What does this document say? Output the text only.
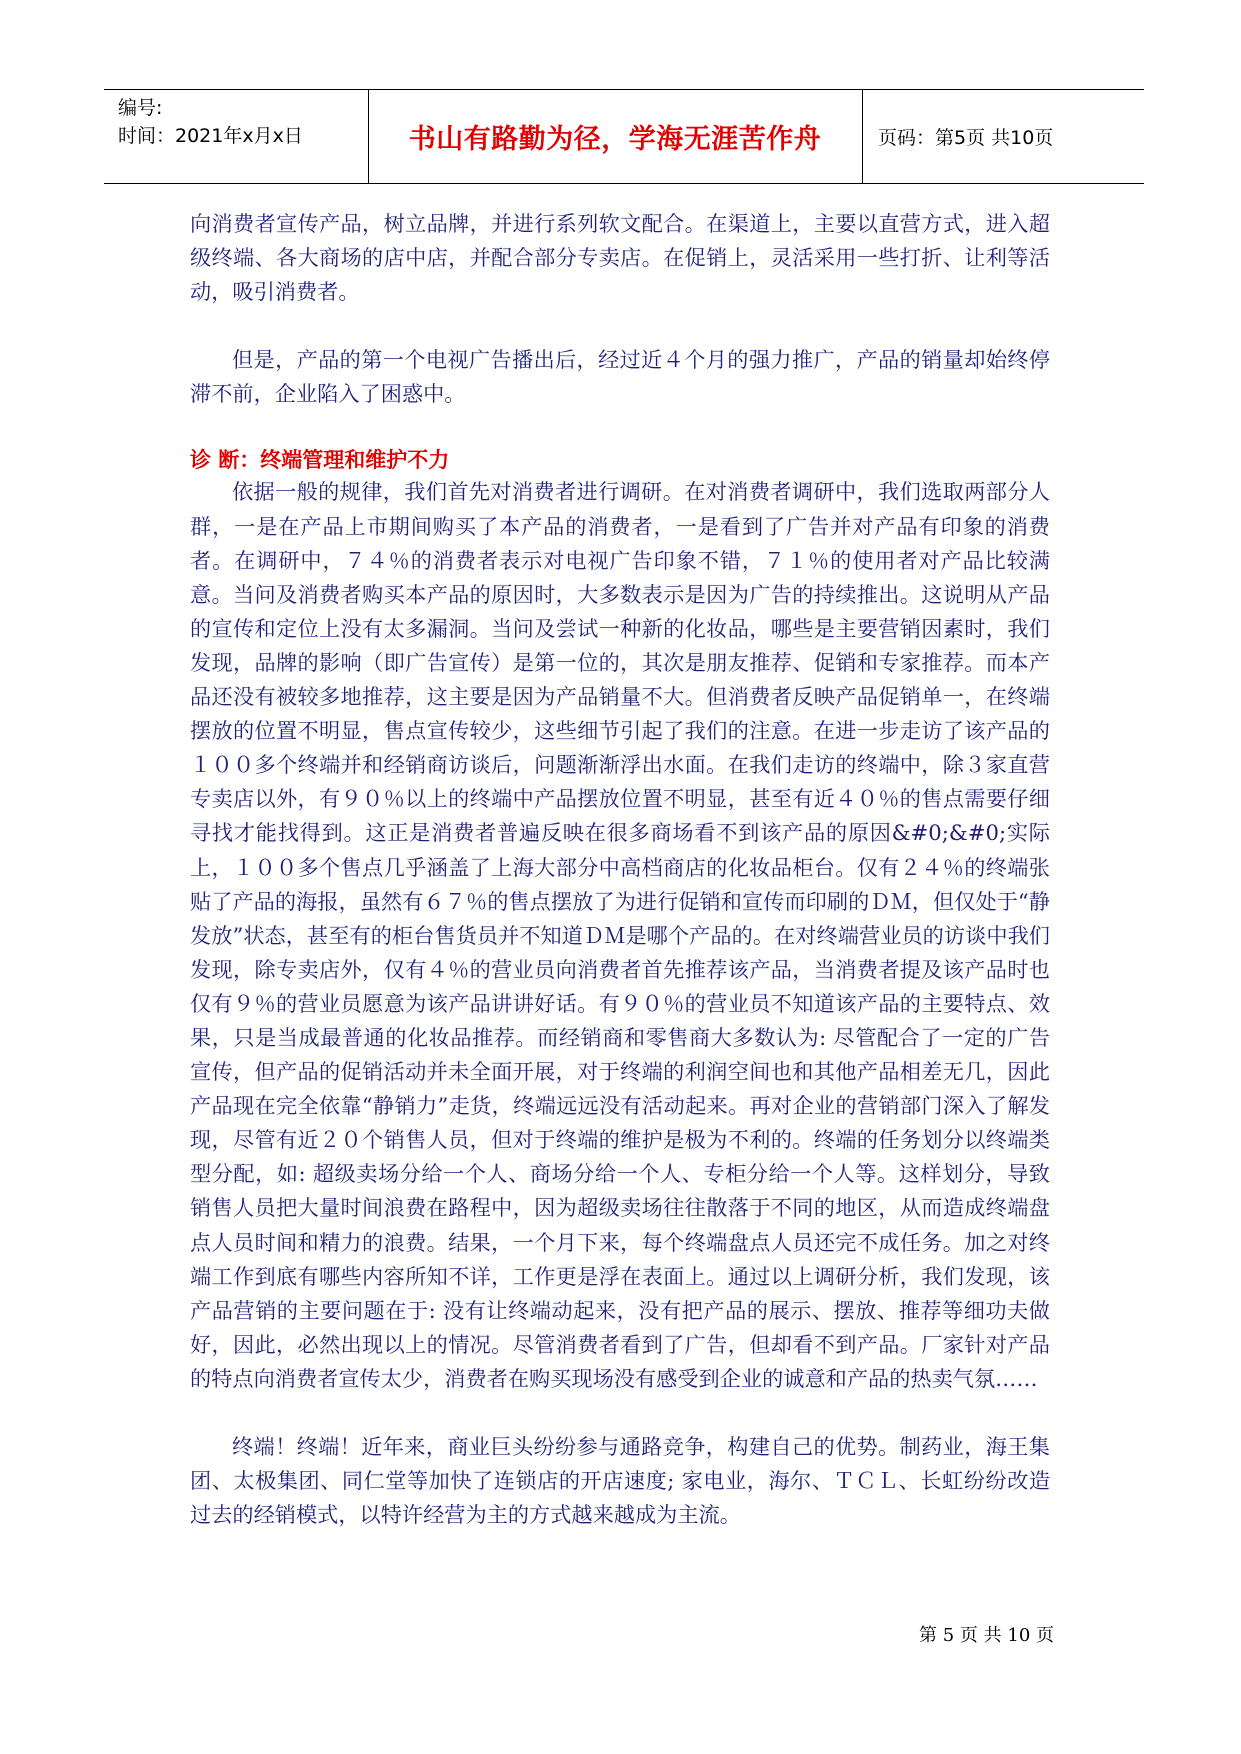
编号:
时间：2021年x月x日	书山有路勤为径，学海无涯苦作舟	页码：第5页 共10页

向消费者宣传产品，树立品牌，并进行系列软文配合。在渠道上，主要以直营方式，进入超级终端、各大商场的店中店，并配合部分专卖店。在促销上，灵活采用一些打折、让利等活动，吸引消费者。

但是，产品的第一个电视广告播出后，经过近４个月的强力推广，产品的销量却始终停滞不前，企业陷入了困惑中。

诊 断：终端管理和维护不力

依据一般的规律，我们首先对消费者进行调研。在对消费者调研中，我们选取两部分人群，一是在产品上市期间购买了本产品的消费者，一是看到了广告并对产品有印象的消费者。在调研中，７４％的消费者表示对电视广告印象不错，７１％的使用者对产品比较满意。当问及消费者购买本产品的原因时，大多数表示是因为广告的持续推出。这说明从产品的宣传和定位上没有太多漏洞。当问及尝试一种新的化妆品，哪些是主要营销因素时，我们发现，品牌的影响（即广告宣传）是第一位的，其次是朋友推荐、促销和专家推荐。而本产品还没有被较多地推荐，这主要是因为产品销量不大。但消费者反映产品促销单一，在终端摆放的位置不明显，售点宣传较少，这些细节引起了我们的注意。在进一步走访了该产品的１００多个终端并和经销商访谈后，问题渐渐浮出水面。在我们走访的终端中，除３家直营专卖店以外，有９０％以上的终端中产品摆放位置不明显，甚至有近４０％的售点需要仔细寻找才能找得到。这正是消费者普遍反映在很多商场看不到该产品的原因&#0;&#0;实际上，１００多个售点几乎涵盖了上海大部分中高档商店的化妆品柜台。仅有２４％的终端张贴了产品的海报，虽然有６７％的售点摆放了为进行促销和宣传而印刷的ＤＭ，但仅处于“静发放”状态，甚至有的柜台售货员并不知道ＤＭ是哪个产品的。在对终端营业员的访谈中我们发现，除专卖店外，仅有４％的营业员向消费者首先推荐该产品，当消费者提及该产品时也仅有９％的营业员愿意为该产品讲讲好话。有９０％的营业员不知道该产品的主要特点、效果，只是当成最普通的化妆品推荐。而经销商和零售商大多数认为: 尽管配合了一定的广告宣传，但产品的促销活动并未全面开展，对于终端的利润空间也和其他产品相差无几，因此产品现在完全依靠“静销力”走货，终端远远没有活动起来。再对企业的营销部门深入了解发现，尽管有近２０个销售人员，但对于终端的维护是极为不利的。终端的任务划分以终端类型分配，如: 超级卖场分给一个人、商场分给一个人、专柜分给一个人等。这样划分，导致销售人员把大量时间浪费在路程中，因为超级卖场往往散落于不同的地区，从而造成终端盘点人员时间和精力的浪费。结果，一个月下来，每个终端盘点人员还完不成任务。加之对终端工作到底有哪些内容所知不详，工作更是浮在表面上。通过以上调研分析，我们发现，该产品营销的主要问题在于: 没有让终端动起来，没有把产品的展示、摆放、推荐等细功夫做好，因此，必然出现以上的情况。尽管消费者看到了广告，但却看不到产品。厂家针对产品的特点向消费者宣传太少，消费者在购买现场没有感受到企业的诚意和产品的热卖气氛……

终端！终端！近年来，商业巨头纷纷参与通路竞争，构建自己的优势。制药业，海王集团、太极集团、同仁堂等加快了连锁店的开店速度; 家电业，海尔、ＴＣＬ、长虹纷纷改造过去的经销模式，以特许经营为主的方式越来越成为主流。

第 5 页 共 10 页
